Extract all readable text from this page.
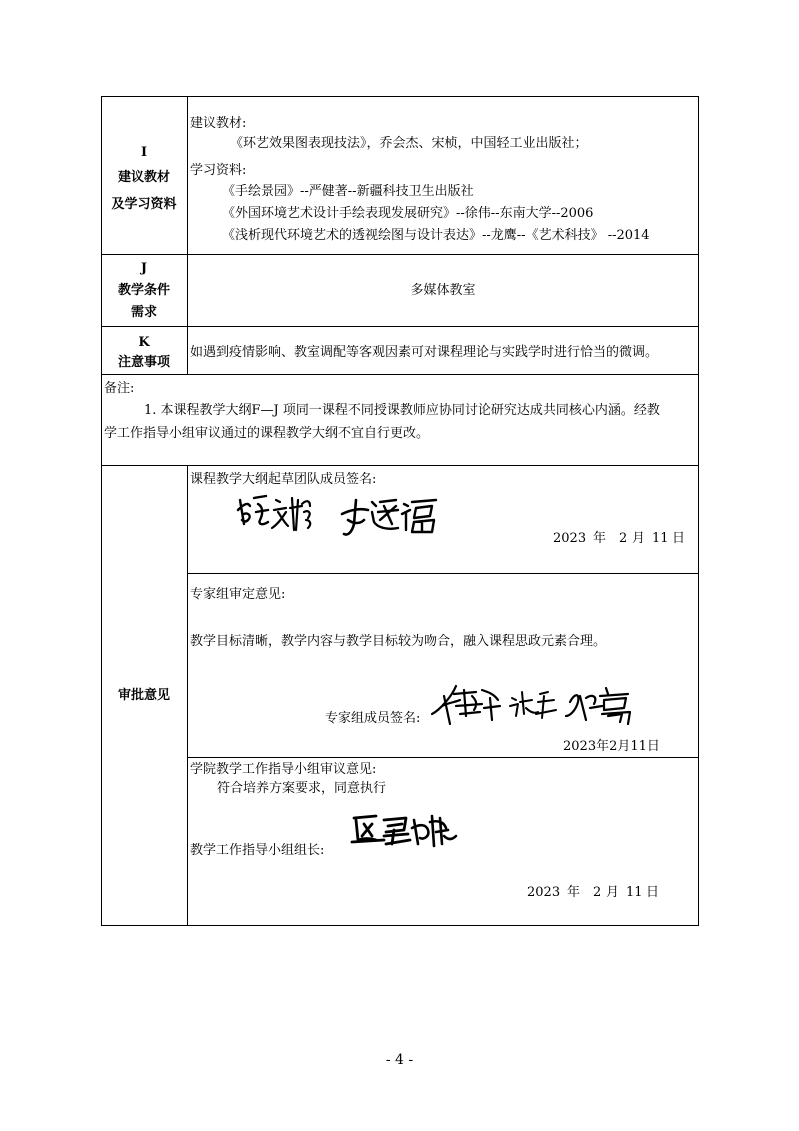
I
建议教材
及学习资料
建议教材:
《环艺效果图表现技法》，乔会杰、宋桢，中国轻工业出版社；
学习资料:
《手绘景园》--严健著--新疆科技卫生出版社
《外国环境艺术设计手绘表现发展研究》--徐伟--东南大学--2006
《浅析现代环境艺术的透视绘图与设计表达》--龙鹰--《艺术科技》 --2014
J
教学条件
需求
多媒体教室
K
注意事项
如遇到疫情影响、教室调配等客观因素可对课程理论与实践学时进行恰当的微调。
备注:
1. 本课程教学大纲F—J 项同一课程不同授课教师应协同讨论研究达成共同核心内涵。经教
学工作指导小组审议通过的课程教学大纲不宜自行更改。
审批意见
课程教学大纲起草团队成员签名:
2023 年 2 月 11 日
专家组审定意见:
教学目标清晰，教学内容与教学目标较为吻合，融入课程思政元素合理。
专家组成员签名:
2023年2月11日
学院教学工作指导小组审议意见:
符合培养方案要求，同意执行
教学工作指导小组组长:
2023 年 2 月 11 日
- 4 -
